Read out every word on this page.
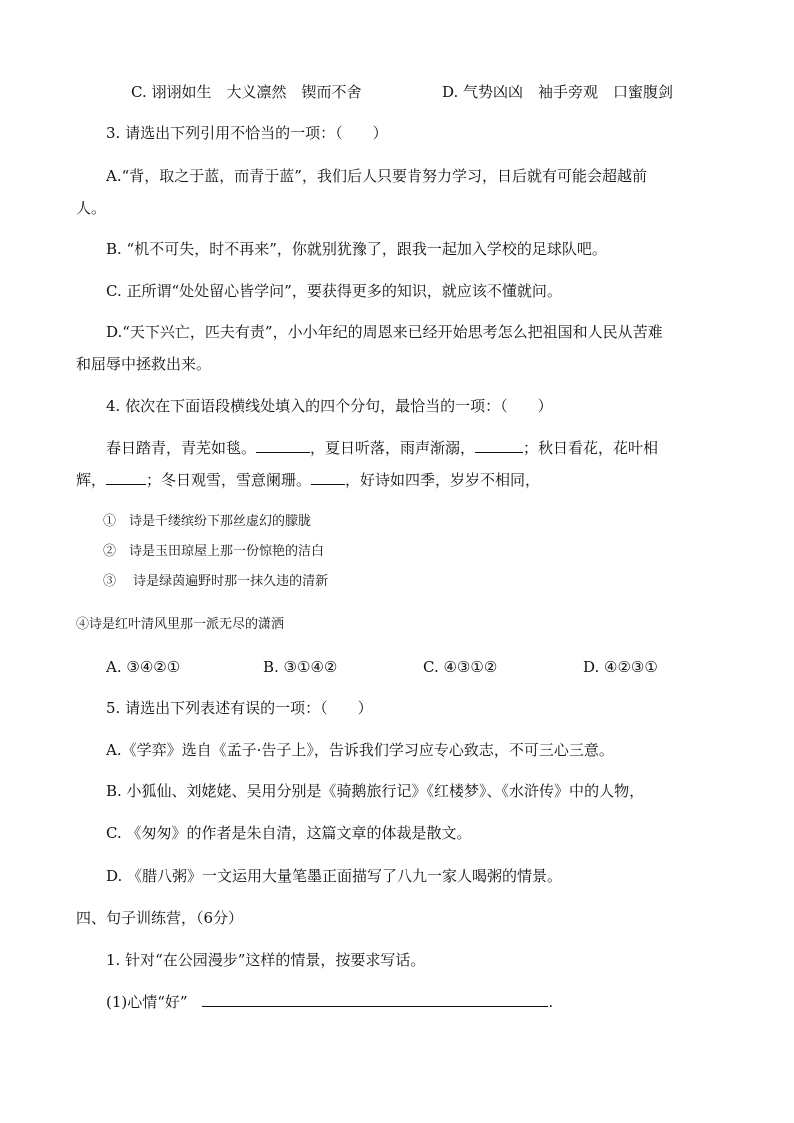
C. 诩诩如生　大义凛然　锲而不舍	D. 气势凶凶　袖手旁观　口蜜腹剑
3. 请选出下列引用不恰当的一项：（　　）
A.“背，取之于蓝，而青于蓝”，我们后人只要肯努力学习，日后就有可能会超越前
人。
B. “机不可失，时不再来”，你就别犹豫了，跟我一起加入学校的足球队吧。
C. 正所谓“处处留心皆学问”，要获得更多的知识，就应该不懂就问。
D.“天下兴亡，匹夫有责”，小小年纪的周恩来已经开始思考怎么把祖国和人民从苦难
和屈辱中拯救出来。
4. 依次在下面语段横线处填入的四个分句，最恰当的一项：（　　）
春日踏青，青芜如毯。	，夏日听落，雨声渐溺，	；秋日看花，花叶相
辉，	；冬日观雪，雪意阑珊。 ，好诗如四季，岁岁不相同，
①　诗是千缕缤纷下那丝虚幻的朦胧
②　诗是玉田琼屋上那一份惊艳的洁白
③　 诗是绿茵遍野时那一抹久违的清新
④诗是红叶清风里那一派无尽的潇洒
A. ③④②①	B. ③①④②	C. ④③①②	D. ④②③①
5. 请选出下列表述有误的一项：（　　）
A.《学弈》选自《孟子·告子上》，告诉我们学习应专心致志，不可三心三意。
B. 小狐仙、刘姥姥、吴用分别是《骑鹅旅行记》《红楼梦》、《水浒传》中的人物，
C. 《匆匆》的作者是朱自清，这篇文章的体裁是散文。
D. 《腊八粥》一文运用大量笔墨正面描写了八九一家人喝粥的情景。
四、句子训练营，（6分）
1. 针对“在公园漫步”这样的情景，按要求写话。
(1)心情“好”	.
